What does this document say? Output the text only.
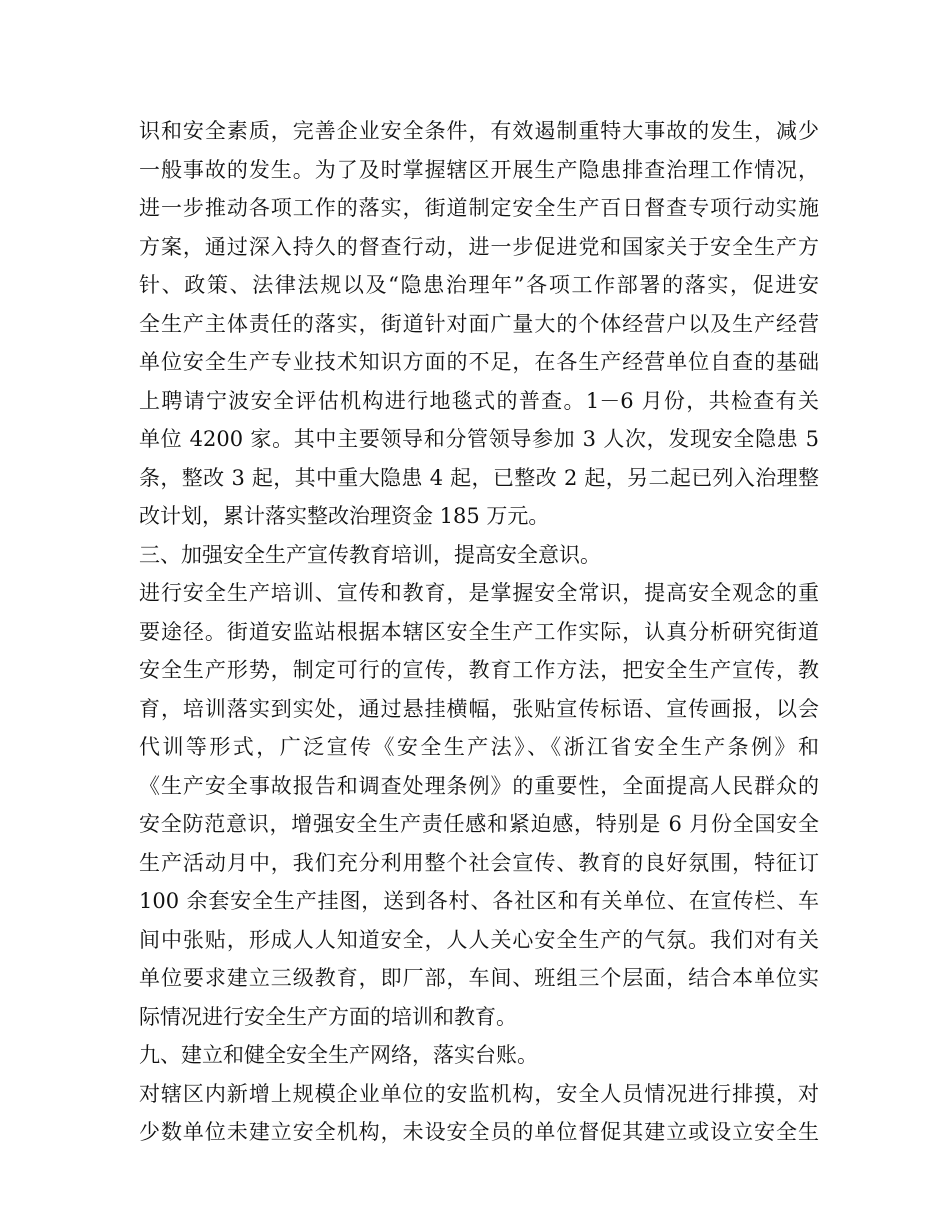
识和安全素质，完善企业安全条件，有效遏制重特大事故的发生，减少
一般事故的发生。为了及时掌握辖区开展生产隐患排查治理工作情况，
进一步推动各项工作的落实，街道制定安全生产百日督查专项行动实施
方案，通过深入持久的督查行动，进一步促进党和国家关于安全生产方
针、政策、法律法规以及“隐患治理年”各项工作部署的落实，促进安
全生产主体责任的落实，街道针对面广量大的个体经营户以及生产经营
单位安全生产专业技术知识方面的不足，在各生产经营单位自查的基础
上聘请宁波安全评估机构进行地毯式的普查。1－6 月份，共检查有关
单位 4200 家。其中主要领导和分管领导参加 3 人次，发现安全隐患 5
条，整改 3 起，其中重大隐患 4 起，已整改 2 起，另二起已列入治理整
改计划，累计落实整改治理资金 185 万元。
三、加强安全生产宣传教育培训，提高安全意识。
进行安全生产培训、宣传和教育，是掌握安全常识，提高安全观念的重
要途径。街道安监站根据本辖区安全生产工作实际，认真分析研究街道
安全生产形势，制定可行的宣传，教育工作方法，把安全生产宣传，教
育，培训落实到实处，通过悬挂横幅，张贴宣传标语、宣传画报，以会
代训等形式，广泛宣传《安全生产法》、《浙江省安全生产条例》和
《生产安全事故报告和调查处理条例》的重要性，全面提高人民群众的
安全防范意识，增强安全生产责任感和紧迫感，特别是 6 月份全国安全
生产活动月中，我们充分利用整个社会宣传、教育的良好氛围，特征订
100 余套安全生产挂图，送到各村、各社区和有关单位、在宣传栏、车
间中张贴，形成人人知道安全，人人关心安全生产的气氛。我们对有关
单位要求建立三级教育，即厂部，车间、班组三个层面，结合本单位实
际情况进行安全生产方面的培训和教育。
九、建立和健全安全生产网络，落实台账。
对辖区内新增上规模企业单位的安监机构，安全人员情况进行排摸，对
少数单位未建立安全机构，未设安全员的单位督促其建立或设立安全生
